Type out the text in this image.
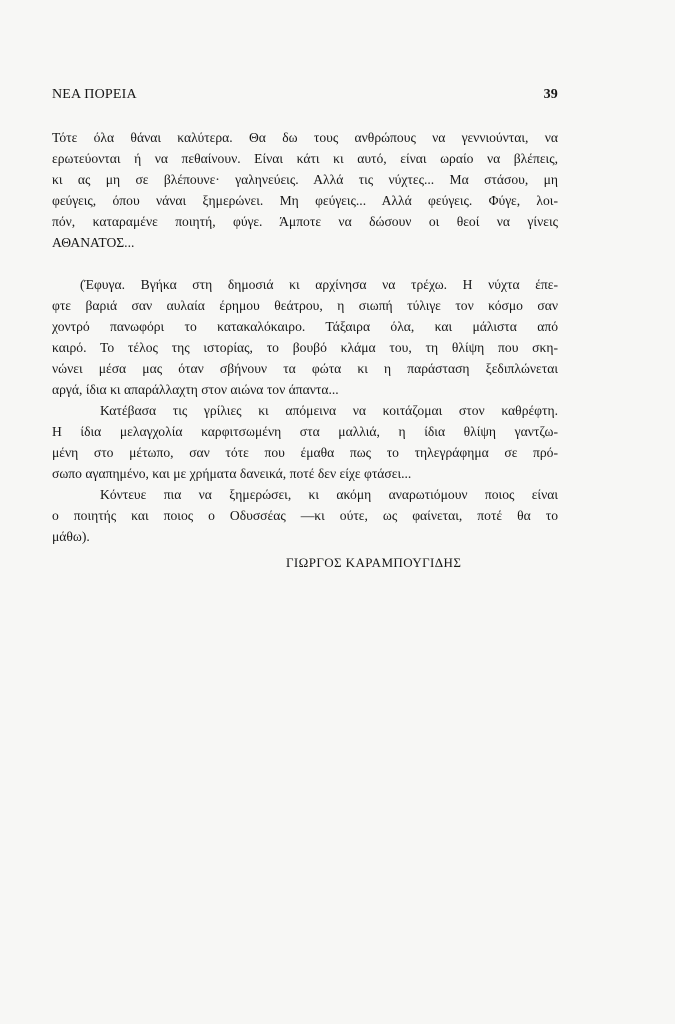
ΝΕΑ ΠΟΡΕΙΑ	39
Τότε όλα θάναι καλύτερα. Θα δω τους ανθρώπους να γεννιούνται, να
ερωτεύονται ή να πεθαίνουν. Είναι κάτι κι αυτό, είναι ωραίο να βλέπεις,
κι ας μη σε βλέπουνε· γαληνεύεις. Αλλά τις νύχτες... Μα στάσου, μη
φεύγεις, όπου νάναι ξημερώνει. Μη φεύγεις... Αλλά φεύγεις. Φύγε, λοι-
πόν, καταραμένε ποιητή, φύγε. Άμποτε να δώσουν οι θεοί να γίνεις
ΑΘΑΝΑΤΟΣ...
(Έφυγα. Βγήκα στη δημοσιά κι αρχίνησα να τρέχω. Η νύχτα έπε-
φτε βαριά σαν αυλαία έρημου θεάτρου, η σιωπή τύλιγε τον κόσμο σαν
χοντρό πανωφόρι το κατακαλόκαιρο. Τάξαιρα όλα, και μάλιστα από
καιρό. Το τέλος της ιστορίας, το βουβό κλάμα του, τη θλίψη που σκη-
νώνει μέσα μας όταν σβήνουν τα φώτα κι η παράσταση ξεδιπλώνεται
αργά, ίδια κι απαράλλαχτη στον αιώνα τον άπαντα...
Κατέβασα τις γρίλιες κι απόμεινα να κοιτάζομαι στον καθρέφτη.
Η ίδια μελαγχολία καρφιτσωμένη στα μαλλιά, η ίδια θλίψη γαντζω-
μένη στο μέτωπο, σαν τότε που έμαθα πως το τηλεγράφημα σε πρό-
σωπο αγαπημένο, και με χρήματα δανεικά, ποτέ δεν είχε φτάσει...
Κόντευε πια να ξημερώσει, κι ακόμη αναρωτιόμουν ποιος είναι
ο ποιητής και ποιος ο Οδυσσέας —κι ούτε, ως φαίνεται, ποτέ θα το
μάθω).
ΓΙΩΡΓΟΣ ΚΑΡΑΜΠΟΥΓΙΔΗΣ
